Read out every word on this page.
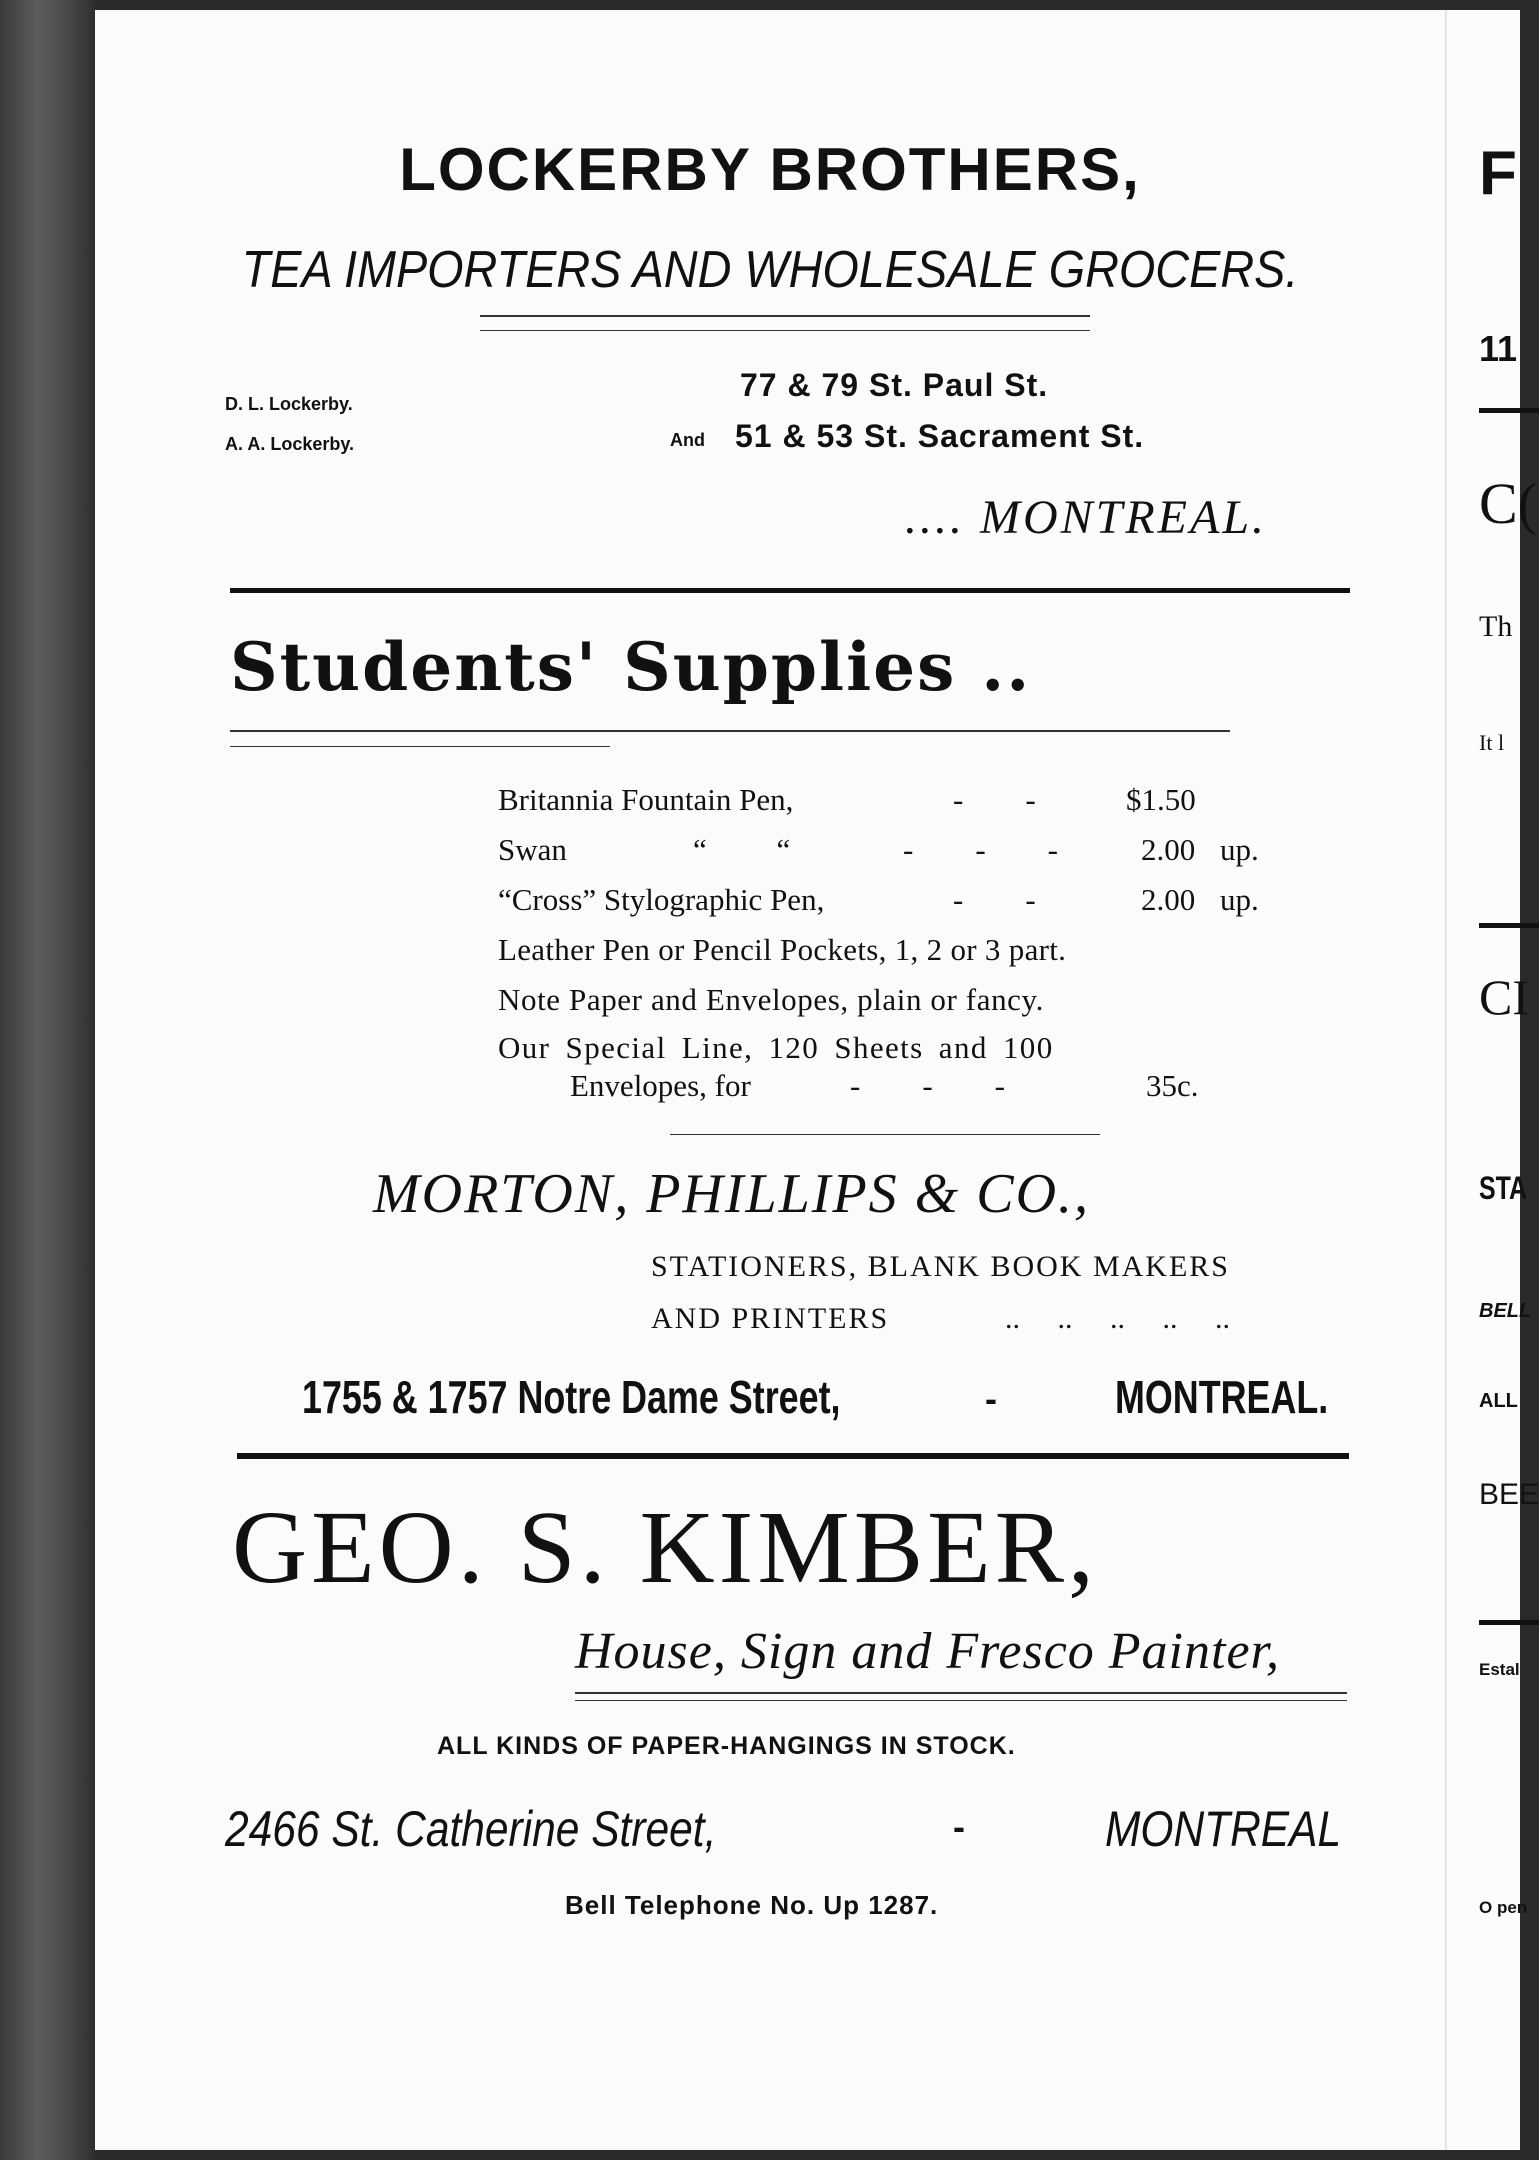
LOCKERBY BROTHERS,
TEA IMPORTERS AND WHOLESALE GROCERS.
D. L. Lockerby.
A. A. Lockerby.
77 & 79 St. Paul St.
And 51 & 53 St. Sacrament St.
.... MONTREAL.
Students' Supplies ..
Britannia Fountain Pen,	-        -	$1.50
Swan	“         “	-        -        -	2.00 up.
“Cross” Stylographic Pen,	-        -	2.00 up.
Leather Pen or Pencil Pockets, 1, 2 or 3 part.
Note Paper and Envelopes, plain or fancy.
Our Special Line, 120 Sheets and 100
Envelopes, for	-        -        -	35c.
MORTON, PHILLIPS & CO.,
STATIONERS, BLANK BOOK MAKERS
AND PRINTERS	..     ..     ..     ..     ..
1755 & 1757 Notre Dame Street,	-	MONTREAL.
GEO. S. KIMBER,
House, Sign and Fresco Painter,
ALL KINDS OF PAPER-HANGINGS IN STOCK.
2466 St. Catherine Street,	-	MONTREAL
Bell Telephone No. Up 1287.
F
11
C(
Th
It l
CI
STA
BELL
ALL
BEE
Estal
O pen
